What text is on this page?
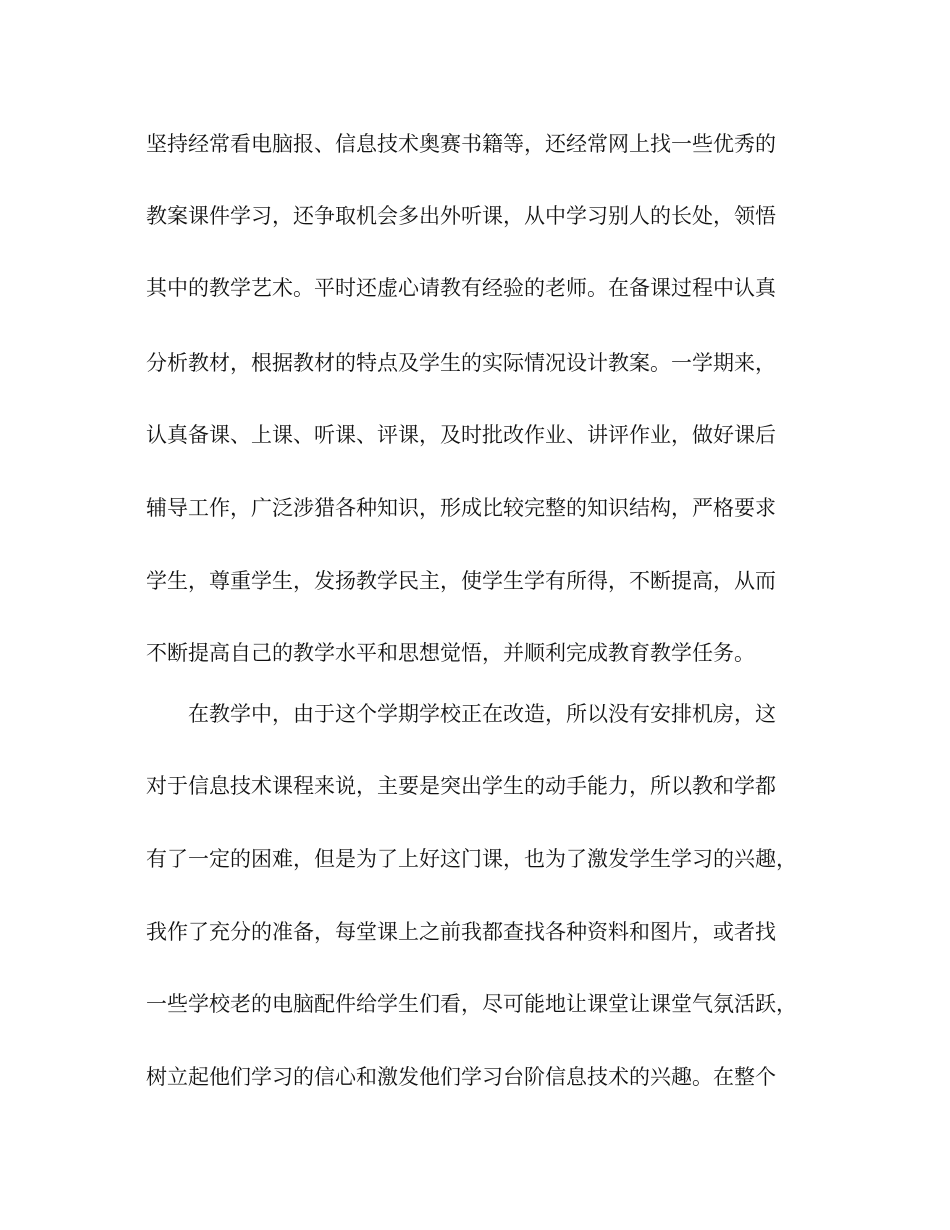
坚持经常看电脑报、信息技术奥赛书籍等，还经常网上找一些优秀的
教案课件学习，还争取机会多出外听课，从中学习别人的长处，领悟
其中的教学艺术。平时还虚心请教有经验的老师。在备课过程中认真
分析教材，根据教材的特点及学生的实际情况设计教案。一学期来，
认真备课、上课、听课、评课，及时批改作业、讲评作业，做好课后
辅导工作，广泛涉猎各种知识，形成比较完整的知识结构，严格要求
学生，尊重学生，发扬教学民主，使学生学有所得，不断提高，从而
不断提高自己的教学水平和思想觉悟，并顺利完成教育教学任务。
在教学中，由于这个学期学校正在改造，所以没有安排机房，这
对于信息技术课程来说，主要是突出学生的动手能力，所以教和学都
有了一定的困难，但是为了上好这门课，也为了激发学生学习的兴趣，
我作了充分的准备，每堂课上之前我都查找各种资料和图片，或者找
一些学校老的电脑配件给学生们看，尽可能地让课堂让课堂气氛活跃，
树立起他们学习的信心和激发他们学习台阶信息技术的兴趣。在整个
